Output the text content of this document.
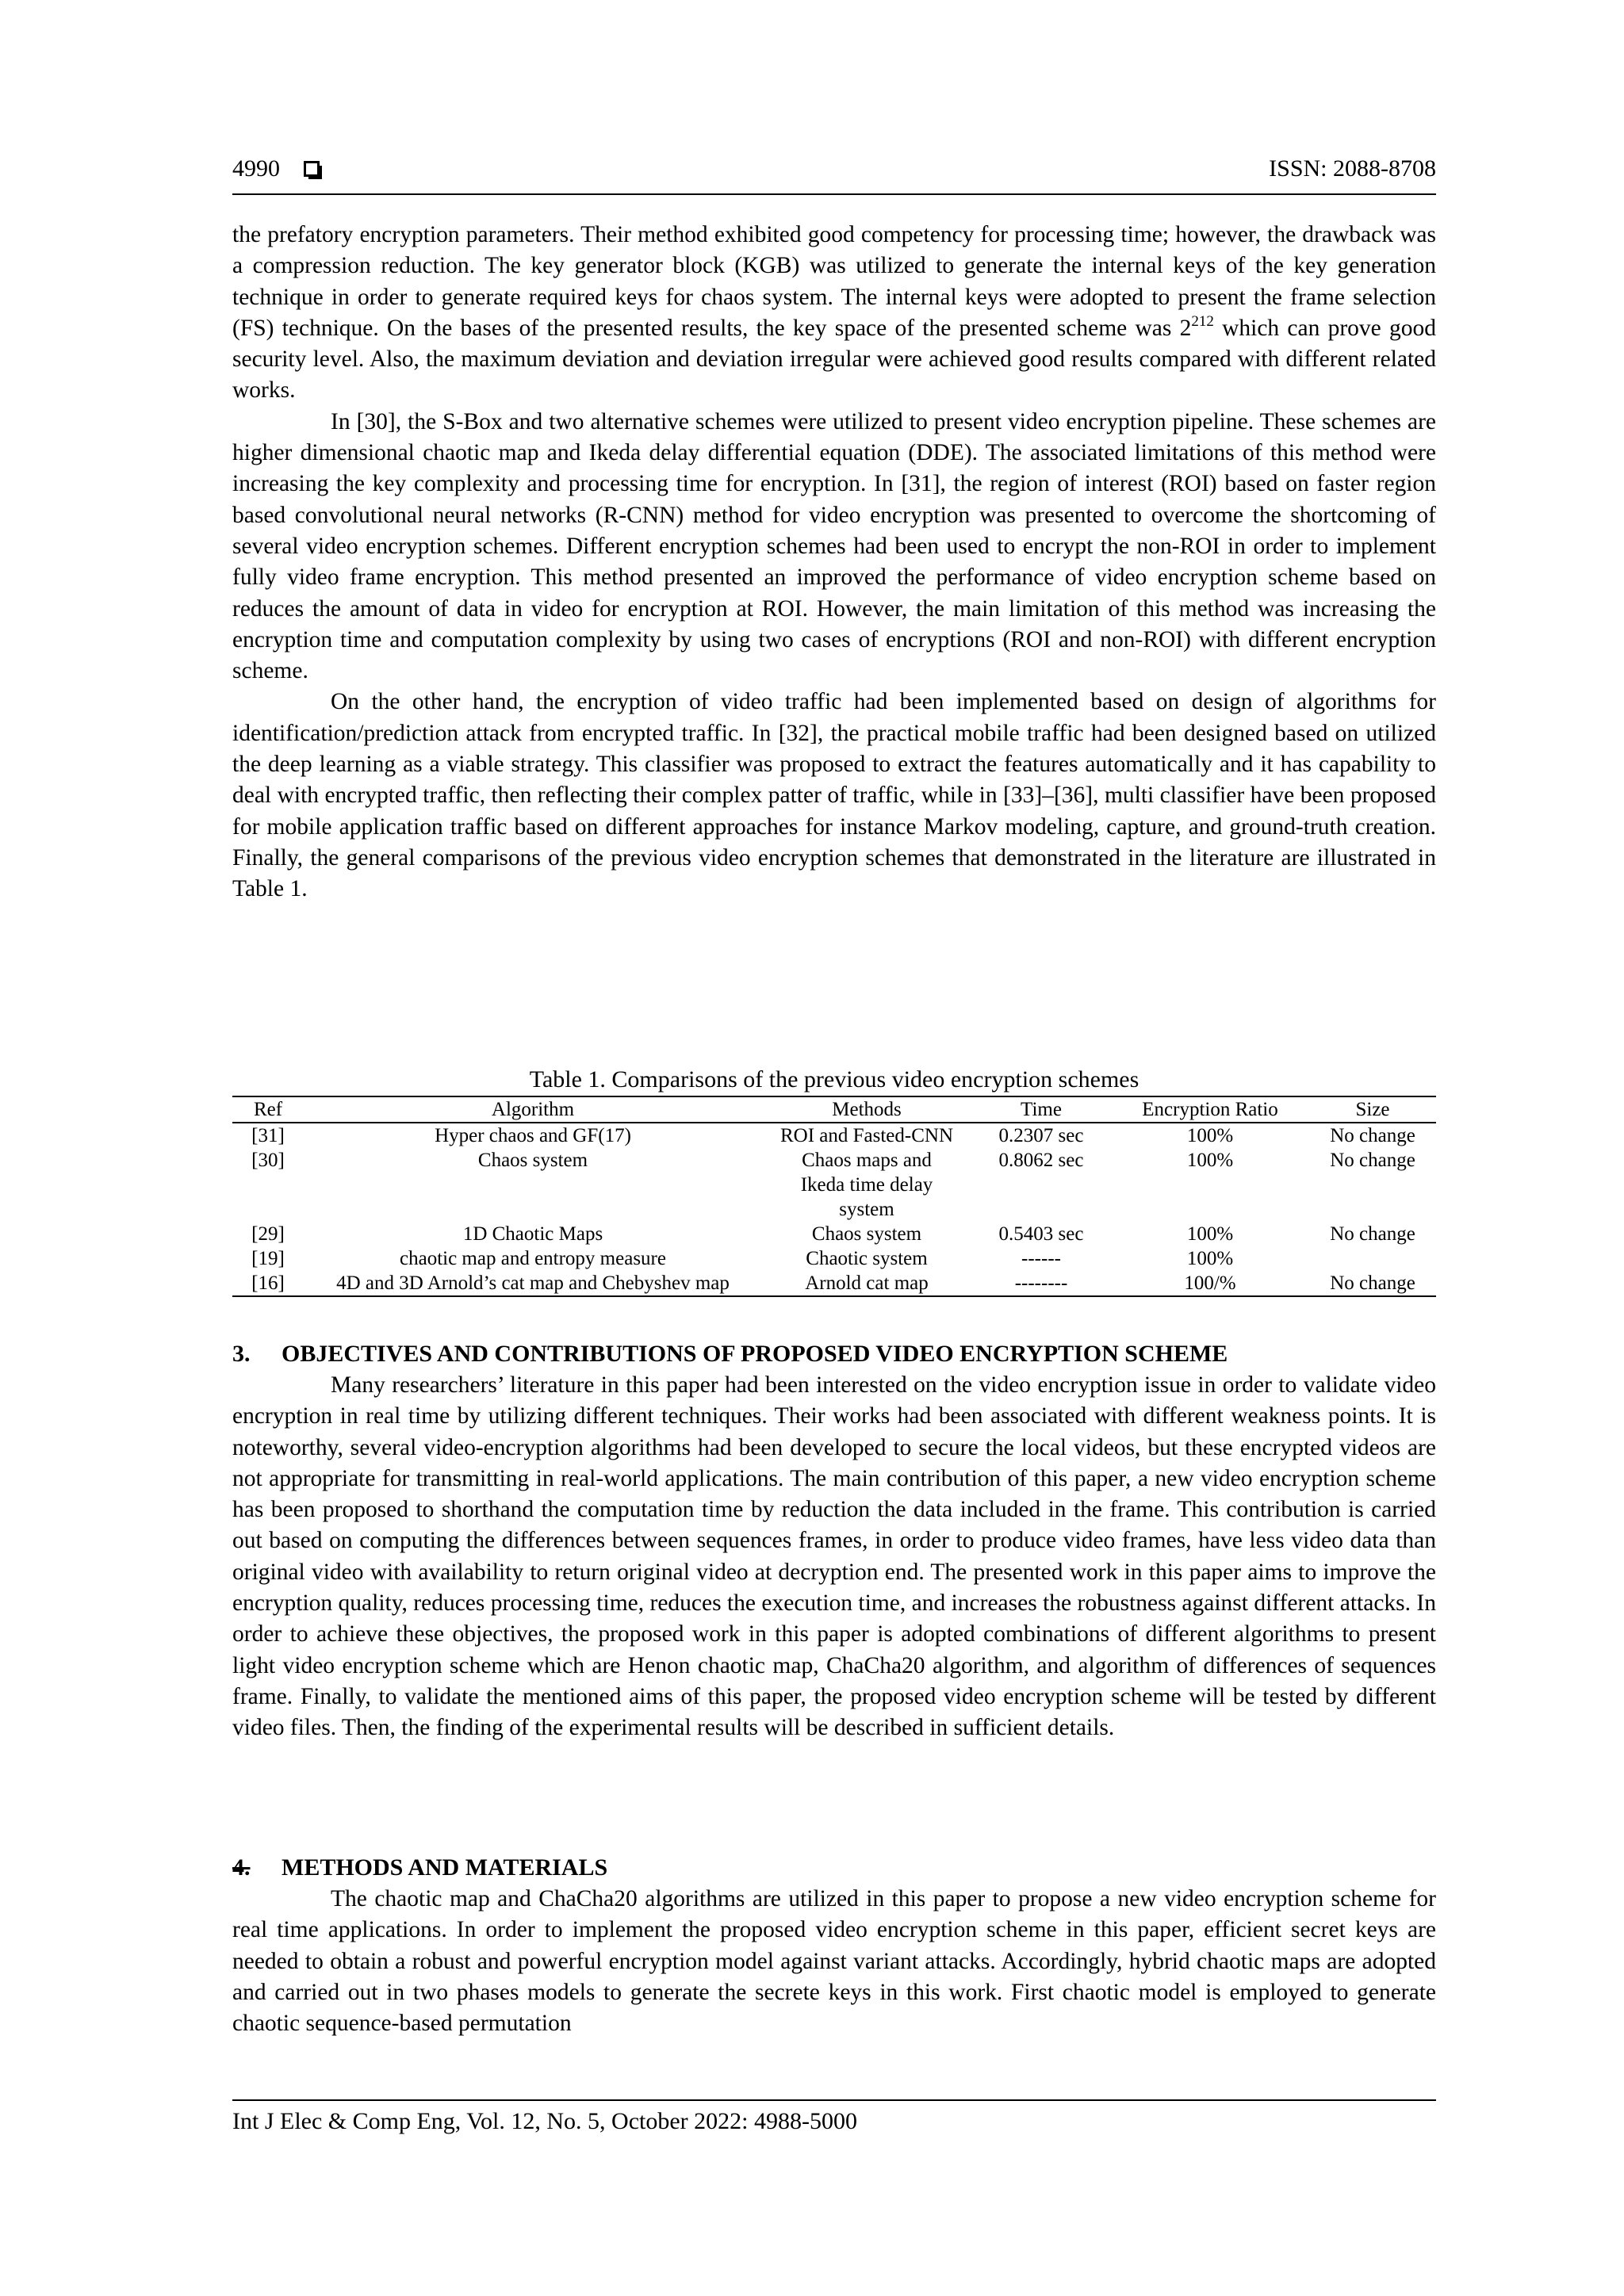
4990	ISSN: 2088-8708

the prefatory encryption parameters. Their method exhibited good competency for processing time; however, the drawback was a compression reduction. The key generator block (KGB) was utilized to generate the internal keys of the key generation technique in order to generate required keys for chaos system. The internal keys were adopted to present the frame selection (FS) technique. On the bases of the presented results, the key space of the presented scheme was $2^{212}$ which can prove good security level. Also, the maximum deviation and deviation irregular were achieved good results compared with different related works.

In [30], the S-Box and two alternative schemes were utilized to present video encryption pipeline. These schemes are higher dimensional chaotic map and Ikeda delay differential equation (DDE). The associated limitations of this method were increasing the key complexity and processing time for encryption. In [31], the region of interest (ROI) based on faster region based convolutional neural networks (R-CNN) method for video encryption was presented to overcome the shortcoming of several video encryption schemes. Different encryption schemes had been used to encrypt the non-ROI in order to implement fully video frame encryption. This method presented an improved the performance of video encryption scheme based on reduces the amount of data in video for encryption at ROI. However, the main limitation of this method was increasing the encryption time and computation complexity by using two cases of encryptions (ROI and non-ROI) with different encryption scheme.

On the other hand, the encryption of video traffic had been implemented based on design of algorithms for identification/prediction attack from encrypted traffic. In [32], the practical mobile traffic had been designed based on utilized the deep learning as a viable strategy. This classifier was proposed to extract the features automatically and it has capability to deal with encrypted traffic, then reflecting their complex patter of traffic, while in [33]–[36], multi classifier have been proposed for mobile application traffic based on different approaches for instance Markov modeling, capture, and ground-truth creation. Finally, the general comparisons of the previous video encryption schemes that demonstrated in the literature are illustrated in Table 1.

Table 1. Comparisons of the previous video encryption schemes
Ref	Algorithm	Methods	Time	Encryption Ratio	Size
[31]	Hyper chaos and GF(17)	ROI and Fasted-CNN	0.2307 sec	100%	No change
[30]	Chaos system	Chaos maps and Ikeda time delay system	0.8062 sec	100%	No change
[29]	1D Chaotic Maps	Chaos system	0.5403 sec	100%	No change
[19]	chaotic map and entropy measure	Chaotic system	------	100%	
[16]	4D and 3D Arnold’s cat map and Chebyshev map	Arnold cat map	--------	100/%	No change
3. OBJECTIVES AND CONTRIBUTIONS OF PROPOSED VIDEO ENCRYPTION SCHEME

Many researchers’ literature in this paper had been interested on the video encryption issue in order to validate video encryption in real time by utilizing different techniques. Their works had been associated with different weakness points. It is noteworthy, several video-encryption algorithms had been developed to secure the local videos, but these encrypted videos are not appropriate for transmitting in real-world applications. The main contribution of this paper, a new video encryption scheme has been proposed to shorthand the computation time by reduction the data included in the frame. This contribution is carried out based on computing the differences between sequences frames, in order to produce video frames, have less video data than original video with availability to return original video at decryption end. The presented work in this paper aims to improve the encryption quality, reduces processing time, reduces the execution time, and increases the robustness against different attacks. In order to achieve these objectives, the proposed work in this paper is adopted combinations of different algorithms to present light video encryption scheme which are Henon chaotic map, ChaCha20 algorithm, and algorithm of differences of sequences frame. Finally, to validate the mentioned aims of this paper, the proposed video encryption scheme will be tested by different video files. Then, the finding of the experimental results will be described in sufficient details.

4. METHODS AND MATERIALS

The chaotic map and ChaCha20 algorithms are utilized in this paper to propose a new video encryption scheme for real time applications. In order to implement the proposed video encryption scheme in this paper, efficient secret keys are needed to obtain a robust and powerful encryption model against variant attacks. Accordingly, hybrid chaotic maps are adopted and carried out in two phases models to generate the secrete keys in this work. First chaotic model is employed to generate chaotic sequence-based permutation

Int J Elec & Comp Eng, Vol. 12, No. 5, October 2022: 4988-5000
